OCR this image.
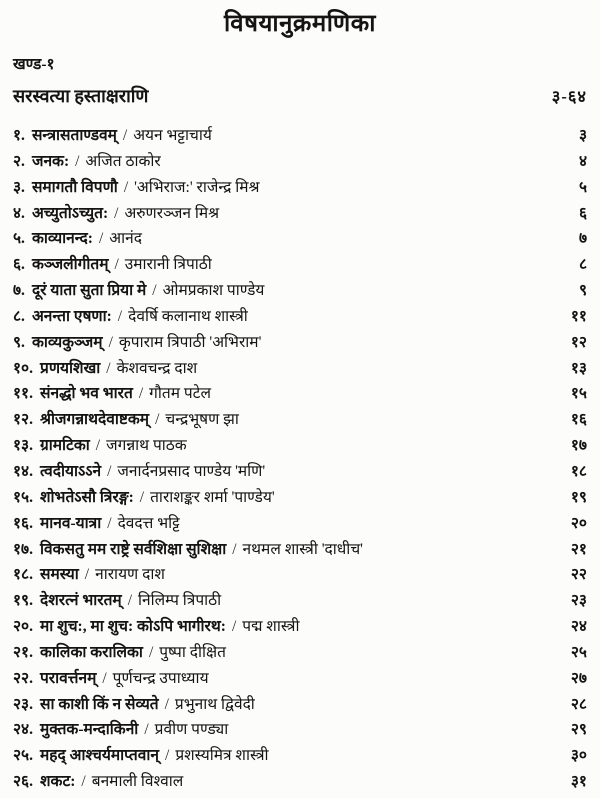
विषयानुक्रमणिका
खण्ड-१
सरस्वत्या हस्ताक्षराणि	३-६४
१. सन्त्रासताण्डवम् / अयन भट्टाचार्य	३
२. जनक: / अजित ठाकोर	४
३. समागतौ विपणौ / 'अभिराज:' राजेन्द्र मिश्र	५
४. अच्युतोऽच्युत: / अरुणरञ्जन मिश्र	६
५. काव्यानन्द: / आनंद	७
६. कञ्जलीगीतम् / उमारानी त्रिपाठी	८
७. दूरं याता सुता प्रिया मे / ओमप्रकाश पाण्डेय	९
८. अनन्ता एषणा: / देवर्षि कलानाथ शास्त्री	११
९. काव्यकुञ्जम् / कृपाराम त्रिपाठी 'अभिराम'	१२
१०. प्रणयशिखा / केशवचन्द्र दाश	१३
११. संनद्धो भव भारत / गौतम पटेल	१५
१२. श्रीजगन्नाथदेवाष्टकम् / चन्द्रभूषण झा	१६
१३. ग्रामटिका / जगन्नाथ पाठक	१७
१४. त्वदीयाऽऽने / जनार्दनप्रसाद पाण्डेय 'मणि'	१८
१५. शोभतेऽसौ त्रिरङ्ग: / ताराशङ्कर शर्मा 'पाण्डेय'	१९
१६. मानव-यात्रा / देवदत्त भट्टि	२०
१७. विकसतु मम राष्ट्रे सर्वशिक्षा सुशिक्षा / नथमल शास्त्री 'दाधीच'	२१
१८. समस्या / नारायण दाश	२२
१९. देशरत्नं भारतम् / निलिम्प त्रिपाठी	२३
२०. मा शुच:, मा शुच: कोऽपि भागीरथ: / पद्म शास्त्री	२४
२१. कालिका करालिका / पुष्पा दीक्षित	२५
२२. परावर्त्तनम् / पूर्णचन्द्र उपाध्याय	२७
२३. सा काशी किं न सेव्यते / प्रभुनाथ द्विवेदी	२८
२४. मुक्तक-मन्दाकिनी / प्रवीण पण्ड्या	२९
२५. महद् आश्चर्यमाप्तवान् / प्रशस्यमित्र शास्त्री	३०
२६. शकट: / बनमाली विश्वाल	३१
